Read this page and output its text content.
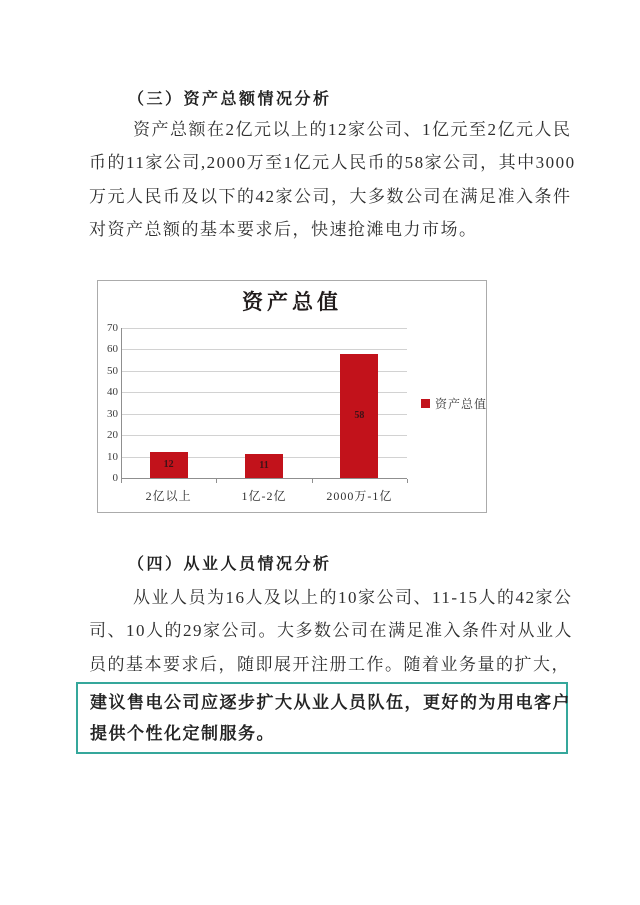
（三）资产总额情况分析
资产总额在2亿元以上的12家公司、1亿元至2亿元人民
币的11家公司,2000万至1亿元人民币的58家公司，其中3000
万元人民币及以下的42家公司，大多数公司在满足准入条件
对资产总额的基本要求后，快速抢滩电力市场。
资产总值
0
10
20
30
40
50
60
70
12
2亿以上
11
1亿-2亿
58
2000万-1亿
资产总值
（四）从业人员情况分析
从业人员为16人及以上的10家公司、11-15人的42家公
司、10人的29家公司。大多数公司在满足准入条件对从业人
员的基本要求后，随即展开注册工作。随着业务量的扩大，
建议售电公司应逐步扩大从业人员队伍，更好的为用电客户
提供个性化定制服务。
